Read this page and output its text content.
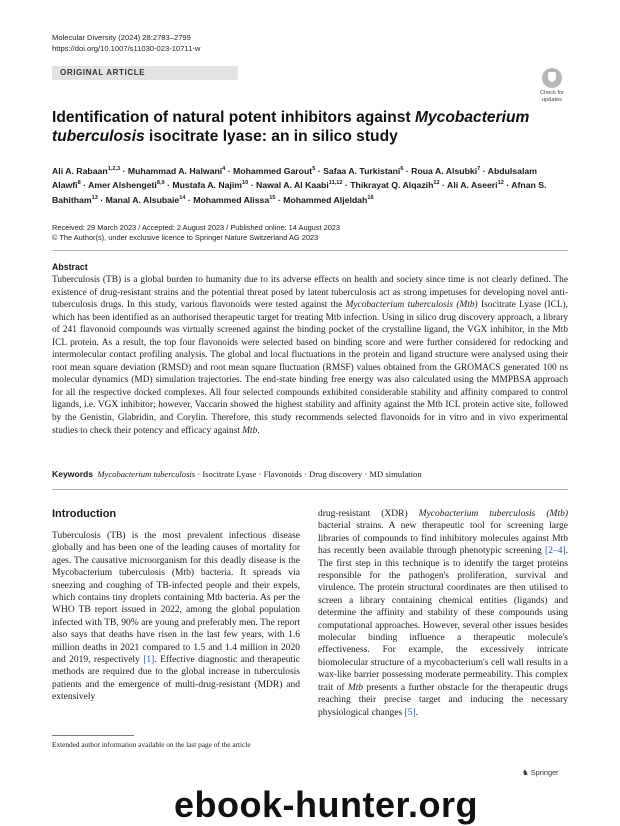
Molecular Diversity (2024) 28:2783–2799
https://doi.org/10.1007/s11030-023-10711-w
ORIGINAL ARTICLE
Check for
updates
Identification of natural potent inhibitors against Mycobacterium tuberculosis isocitrate lyase: an in silico study
Ali A. Rabaan$^{1,2,3}$ · Muhammad A. Halwani$^4$ · Mohammed Garout$^5$ · Safaa A. Turkistani$^6$ · Roua A. Alsubki$^7$ · Abdulsalam Alawfi$^8$ · Amer Alshengeti$^{8,9}$ · Mustafa A. Najim$^{10}$ · Nawal A. Al Kaabi$^{11,12}$ · Thikrayat Q. Alqazih$^{12}$ · Ali A. Aseeri$^{12}$ · Afnan S. Bahitham$^{13}$ · Manal A. Alsubaie$^{14}$ · Mohammed Alissa$^{15}$ · Mohammed Aljeldah$^{16}$
Received: 29 March 2023 / Accepted: 2 August 2023 / Published online: 14 August 2023
© The Author(s), under exclusive licence to Springer Nature Switzerland AG 2023
Abstract
Tuberculosis (TB) is a global burden to humanity due to its adverse effects on health and society since time is not clearly defined. The existence of drug-resistant strains and the potential threat posed by latent tuberculosis act as strong impetuses for developing novel anti-tuberculosis drugs. In this study, various flavonoids were tested against the Mycobacterium tuberculosis (Mtb) Isocitrate Lyase (ICL), which has been identified as an authorised therapeutic target for treating Mtb infection. Using in silico drug discovery approach, a library of 241 flavonoid compounds was virtually screened against the binding pocket of the crystalline ligand, the VGX inhibitor, in the Mtb ICL protein. As a result, the top four flavonoids were selected based on binding score and were further considered for redocking and intermolecular contact profiling analysis. The global and local fluctuations in the protein and ligand structure were analysed using their root mean square deviation (RMSD) and root mean square fluctuation (RMSF) values obtained from the GROMACS generated 100 ns molecular dynamics (MD) simulation trajectories. The end-state binding free energy was also calculated using the MMPBSA approach for all the respective docked complexes. All four selected compounds exhibited considerable stability and affinity compared to control ligands, i.e. VGX inhibitor; however, Vaccarin showed the highest stability and affinity against the Mtb ICL protein active site, followed by the Genistin, Glabridin, and Corylin. Therefore, this study recommends selected flavonoids for in vitro and in vivo experimental studies to check their potency and efficacy against Mtb.
Keywords Mycobacterium tuberculosis · Isocitrate Lyase · Flavonoids · Drug discovery · MD simulation
Introduction
Tuberculosis (TB) is the most prevalent infectious disease globally and has been one of the leading causes of mortality for ages. The causative microorganism for this deadly disease is the Mycobacterium tuberculosis (Mtb) bacteria. It spreads via sneezing and coughing of TB-infected people and their expels, which contains tiny droplets containing Mtb bacteria. As per the WHO TB report issued in 2022, among the global population infected with TB, 90% are young and preferably men. The report also says that deaths have risen in the last few years, with 1.6 million deaths in 2021 compared to 1.5 and 1.4 million in 2020 and 2019, respectively [1]. Effective diagnostic and therapeutic methods are required due to the global increase in tuberculosis patients and the emergence of multi-drug-resistant (MDR) and extensively
drug-resistant (XDR) Mycobacterium tuberculosis (Mtb) bacterial strains. A new therapeutic tool for screening large libraries of compounds to find inhibitory molecules against Mtb has recently been available through phenotypic screening [2–4]. The first step in this technique is to identify the target proteins responsible for the pathogen's proliferation, survival and virulence. The protein structural coordinates are then utilised to screen a library containing chemical entities (ligands) and determine the affinity and stability of these compounds using computational approaches. However, several other issues besides molecular binding influence a therapeutic molecule's effectiveness. For example, the excessively intricate biomolecular structure of a mycobacterium's cell wall results in a wax-like barrier possessing moderate permeability. This complex trait of Mtb presents a further obstacle for the therapeutic drugs reaching their precise target and inducing the necessary physiological changes [5].
Extended author information available on the last page of the article
♞ Springer
ebook-hunter.org
